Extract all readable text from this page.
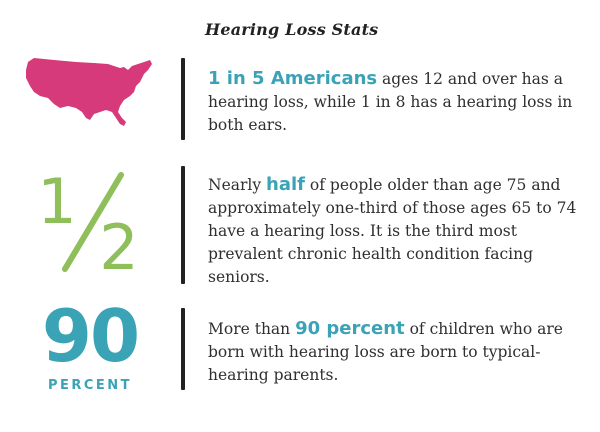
Hearing Loss Stats
1 in 5 Americans ages 12 and over has a hearing loss, while 1 in 8 has a hearing loss in both ears.
1
2
Nearly half of people older than age 75 and approximately one-third of those ages 65 to 74 have a hearing loss. It is the third most prevalent chronic health condition facing seniors.
90
PERCENT
More than 90 percent of children who are born with hearing loss are born to typical-hearing parents.
